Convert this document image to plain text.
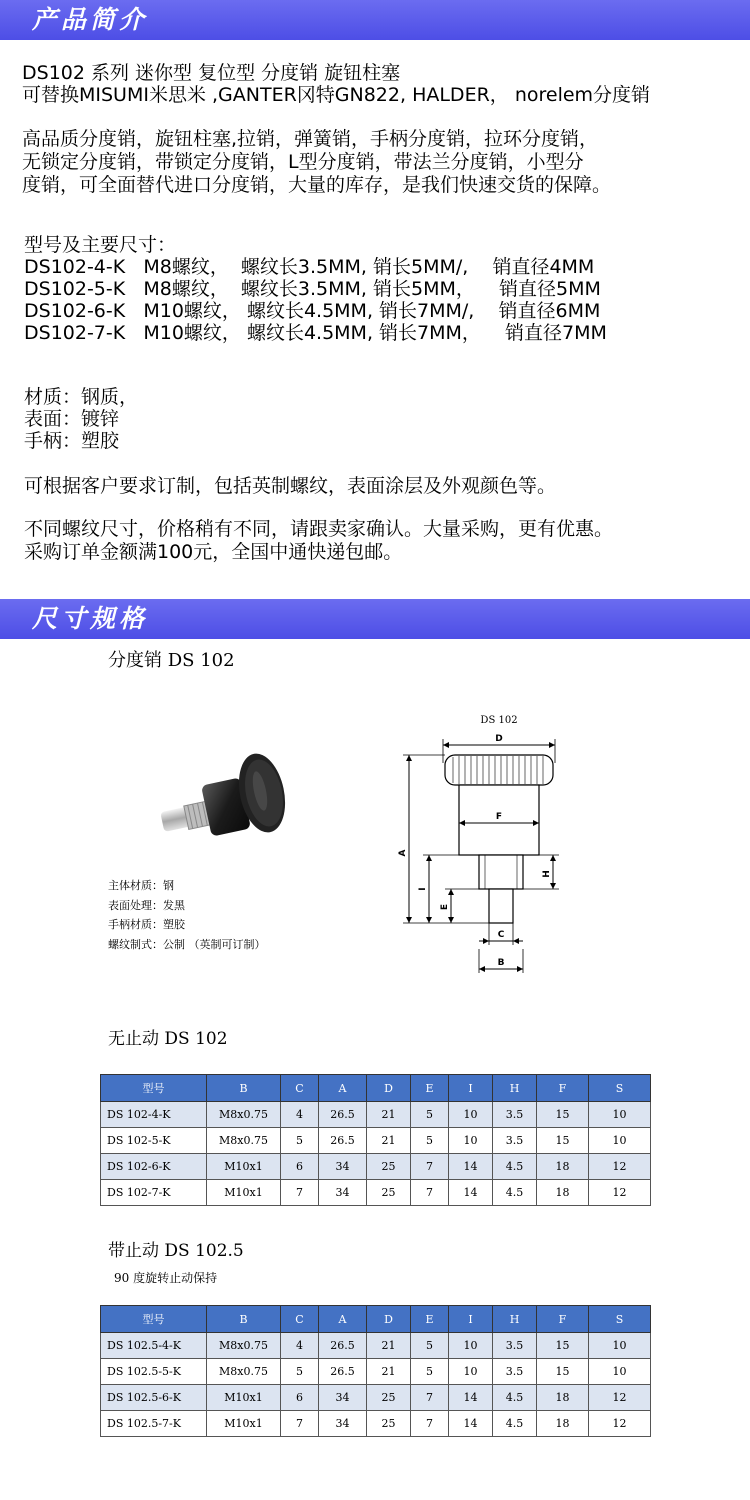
产品简介
DS102 系列 迷你型 复位型 分度销 旋钮柱塞
可替换MISUMI米思米 ,GANTER冈特GN822, HALDER， norelem分度销
高品质分度销，旋钮柱塞,拉销，弹簧销，手柄分度销，拉环分度销，
无锁定分度销，带锁定分度销，L型分度销，带法兰分度销，小型分
度销，可全面替代进口分度销，大量的库存，是我们快速交货的保障。
型号及主要尺寸：
DS102-4-K   M8螺纹，  螺纹长3.5MM, 销长5MM/,    销直径4MM
DS102-5-K   M8螺纹，  螺纹长3.5MM, 销长5MM，    销直径5MM
DS102-6-K   M10螺纹， 螺纹长4.5MM, 销长7MM/,    销直径6MM
DS102-7-K   M10螺纹， 螺纹长4.5MM, 销长7MM，    销直径7MM
材质：钢质，
表面：镀锌
手柄：塑胶
可根据客户要求订制，包括英制螺纹，表面涂层及外观颜色等。
不同螺纹尺寸，价格稍有不同，请跟卖家确认。大量采购，更有优惠。
采购订单金额满100元，全国中通快递包邮。
尺寸规格
分度销 DS 102
DS 102
D
F
A
I
E
H
C
B
主体材质：钢
表面处理：发黑
手柄材质：塑胶
螺纹制式：公制 （英制可订制）
无止动 DS 102
型号	B	C	A	D	E	I	H	F	S
DS 102-4-K	M8x0.75	4	26.5	21	5	10	3.5	15	10
DS 102-5-K	M8x0.75	5	26.5	21	5	10	3.5	15	10
DS 102-6-K	M10x1	6	34	25	7	14	4.5	18	12
DS 102-7-K	M10x1	7	34	25	7	14	4.5	18	12
带止动 DS 102.5
90 度旋转止动保持
型号	B	C	A	D	E	I	H	F	S
DS 102.5-4-K	M8x0.75	4	26.5	21	5	10	3.5	15	10
DS 102.5-5-K	M8x0.75	5	26.5	21	5	10	3.5	15	10
DS 102.5-6-K	M10x1	6	34	25	7	14	4.5	18	12
DS 102.5-7-K	M10x1	7	34	25	7	14	4.5	18	12
